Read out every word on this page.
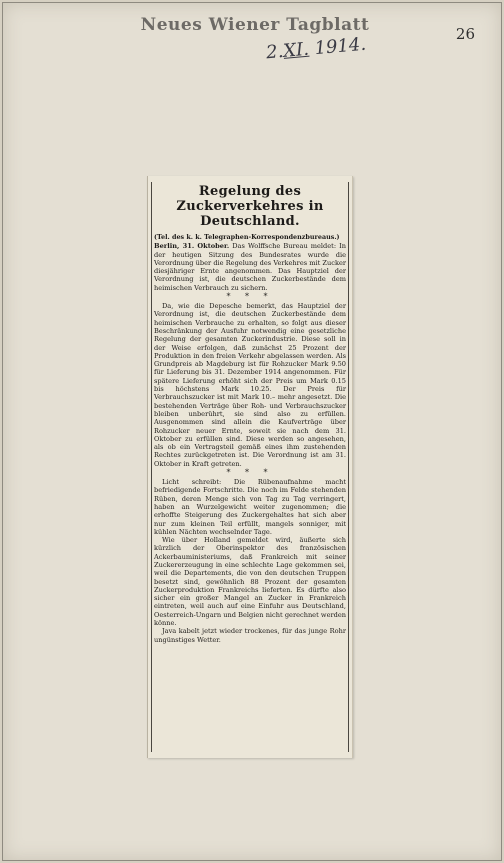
Neues Wiener Tagblatt	26
2.XI. 1914.
Regelung des Zuckerverkehres in
Deutschland.

(Tel. des k. k. Telegraphen-Korrespondenzbureaus.)

Berlin, 31. Oktober. Das Wolffsche Bureau meldet: In der heutigen Sitzung des Bundesrates wurde die Verordnung über die Regelung des Verkehres mit Zucker diesjähriger Ernte angenommen. Das Hauptziel der Verordnung ist, die deutschen Zuckerbestände dem heimischen Verbrauch zu sichern.

* * *

Da, wie die Depesche bemerkt, das Hauptziel der Verordnung ist, die deutschen Zuckerbestände dem heimischen Verbrauche zu erhalten, so folgt aus dieser Beschränkung der Ausfuhr notwendig eine gesetzliche Regelung der gesamten Zuckerindustrie. Diese soll in der Weise erfolgen, daß zunächst 25 Prozent der Produktion in den freien Verkehr abgelassen werden. Als Grundpreis ab Magdeburg ist für Rohzucker Mark 9.50 für Lieferung bis 31. Dezember 1914 angenommen. Für spätere Lieferung erhöht sich der Preis um Mark 0.15 bis höchstens Mark 10.25. Der Preis für Verbrauchszucker ist mit Mark 10.– mehr angesetzt. Die bestehenden Verträge über Roh- und Verbrauchszucker bleiben unberührt, sie sind also zu erfüllen. Ausgenommen sind allein die Kaufverträge über Rohzucker neuer Ernte, soweit sie nach dem 31. Oktober zu erfüllen sind. Diese werden so angesehen, als ob ein Vertragsteil gemäß eines ihm zustehenden Rechtes zurückgetreten ist. Die Verordnung ist am 31. Oktober in Kraft getreten.

* * *

Licht schreibt: Die Rübenaufnahme macht befriedigende Fortschritte. Die noch im Felde stehenden Rüben, deren Menge sich von Tag zu Tag verringert, haben an Wurzelgewicht weiter zugenommen; die erhoffte Steigerung des Zuckergehaltes hat sich aber nur zum kleinen Teil erfüllt, mangels sonniger, mit kühlen Nächten wechselnder Tage.

Wie über Holland gemeldet wird, äußerte sich kürzlich der Oberinspektor des französischen Ackerbauministeriums, daß Frankreich mit seiner Zuckererzeugung in eine schlechte Lage gekommen sei, weil die Departements, die von den deutschen Truppen besetzt sind, gewöhnlich 88 Prozent der gesamten Zuckerproduktion Frankreichs lieferten. Es dürfte also sicher ein großer Mangel an Zucker in Frankreich eintreten, weil auch auf eine Einfuhr aus Deutschland, Oesterreich-Ungarn und Belgien nicht gerechnet werden könne.

Java kabelt jetzt wieder trockenes, für das junge Rohr ungünstiges Wetter.
